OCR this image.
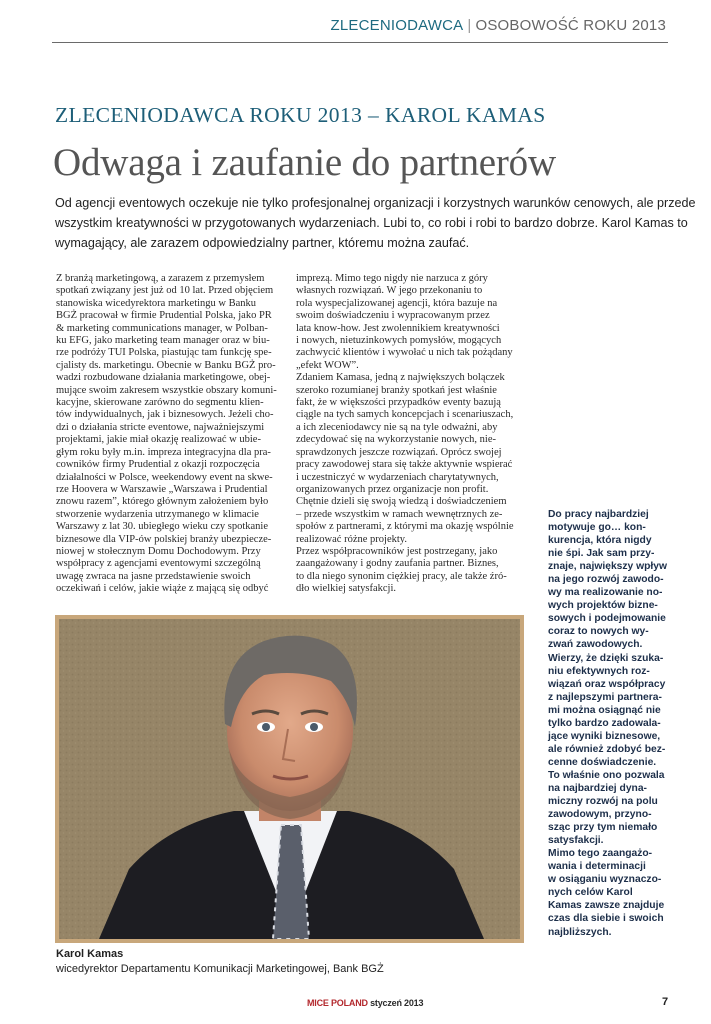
ZLECENIODAWCA | OSOBOWOŚĆ ROKU 2013
ZLECENIODAWCA ROKU 2013 – KAROL KAMAS
Odwaga i zaufanie do partnerów

Od agencji eventowych oczekuje nie tylko profesjonalnej organizacji i korzystnych warunków cenowych, ale przede

wszystkim kreatywności w przygotowanych wydarzeniach. Lubi to, co robi i robi to bardzo dobrze. Karol Kamas to

wymagający, ale zarazem odpowiedzialny partner, któremu można zaufać.

Z branżą marketingową, a zarazem z przemysłem

spotkań związany jest już od 10 lat. Przed objęciem

stanowiska wicedyrektora marketingu w Banku

BGŻ pracował w firmie Prudential Polska, jako PR

& marketing communications manager, w Polban-

ku EFG, jako marketing team manager oraz w biu-

rze podróży TUI Polska, piastując tam funkcję spe-

cjalisty ds. marketingu. Obecnie w Banku BGŻ pro-

wadzi rozbudowane działania marketingowe, obej-

mujące swoim zakresem wszystkie obszary komuni-

kacyjne, skierowane zarówno do segmentu klien-

tów indywidualnych, jak i biznesowych. Jeżeli cho-

dzi o działania stricte eventowe, najważniejszymi

projektami, jakie miał okazję realizować w ubie-

głym roku były m.in. impreza integracyjna dla pra-

cowników firmy Prudential z okazji rozpoczęcia

działalności w Polsce, weekendowy event na skwe-

rze Hoovera w Warszawie „Warszawa i Prudential

znowu razem”, którego głównym założeniem było

stworzenie wydarzenia utrzymanego w klimacie

Warszawy z lat 30. ubiegłego wieku czy spotkanie

biznesowe dla VIP-ów polskiej branży ubezpiecze-

niowej w stołecznym Domu Dochodowym. Przy

współpracy z agencjami eventowymi szczególną

uwagę zwraca na jasne przedstawienie swoich

oczekiwań i celów, jakie wiąże z mającą się odbyć

imprezą. Mimo tego nigdy nie narzuca z góry

własnych rozwiązań. W jego przekonaniu to

rola wyspecjalizowanej agencji, która bazuje na

swoim doświadczeniu i wypracowanym przez

lata know-how. Jest zwolennikiem kreatywności

i nowych, nietuzinkowych pomysłów, mogących

zachwycić klientów i wywołać u nich tak pożądany

„efekt WOW”.

Zdaniem Kamasa, jedną z największych bolączek

szeroko rozumianej branży spotkań jest właśnie

fakt, że w większości przypadków eventy bazują

ciągle na tych samych koncepcjach i scenariuszach,

a ich zleceniodawcy nie są na tyle odważni, aby

zdecydować się na wykorzystanie nowych, nie-

sprawdzonych jeszcze rozwiązań. Oprócz swojej

pracy zawodowej stara się także aktywnie wspierać

i uczestniczyć w wydarzeniach charytatywnych,

organizowanych przez organizacje non profit.

Chętnie dzieli się swoją wiedzą i doświadczeniem

– przede wszystkim w ramach wewnętrznych ze-

społów z partnerami, z którymi ma okazję wspólnie

realizować różne projekty.

Przez współpracowników jest postrzegany, jako

zaangażowany i godny zaufania partner. Biznes,

to dla niego synonim ciężkiej pracy, ale także źró-

dło wielkiej satysfakcji.

Do pracy najbardziej

motywuje go… kon-

kurencja, która nigdy

nie śpi. Jak sam przy-

znaje, największy wpływ

na jego rozwój zawodo-

wy ma realizowanie no-

wych projektów bizne-

sowych i podejmowanie

coraz to nowych wy-

zwań zawodowych.

Wierzy, że dzięki szuka-

niu efektywnych roz-

wiązań oraz współpracy

z najlepszymi partnera-

mi można osiągnąć nie

tylko bardzo zadowala-

jące wyniki biznesowe,

ale również zdobyć bez-

cenne doświadczenie.

To właśnie ono pozwala

na najbardziej dyna-

miczny rozwój na polu

zawodowym, przyno-

sząc przy tym niemało

satysfakcji.

Mimo tego zaangażo-

wania i determinacji

w osiąganiu wyznaczo-

nych celów Karol

Kamas zawsze znajduje

czas dla siebie i swoich

najbliższych.

Karol Kamas
wicedyrektor Departamentu Komunikacji Marketingowej, Bank BGŻ
MICE POLAND styczeń 2013	7
